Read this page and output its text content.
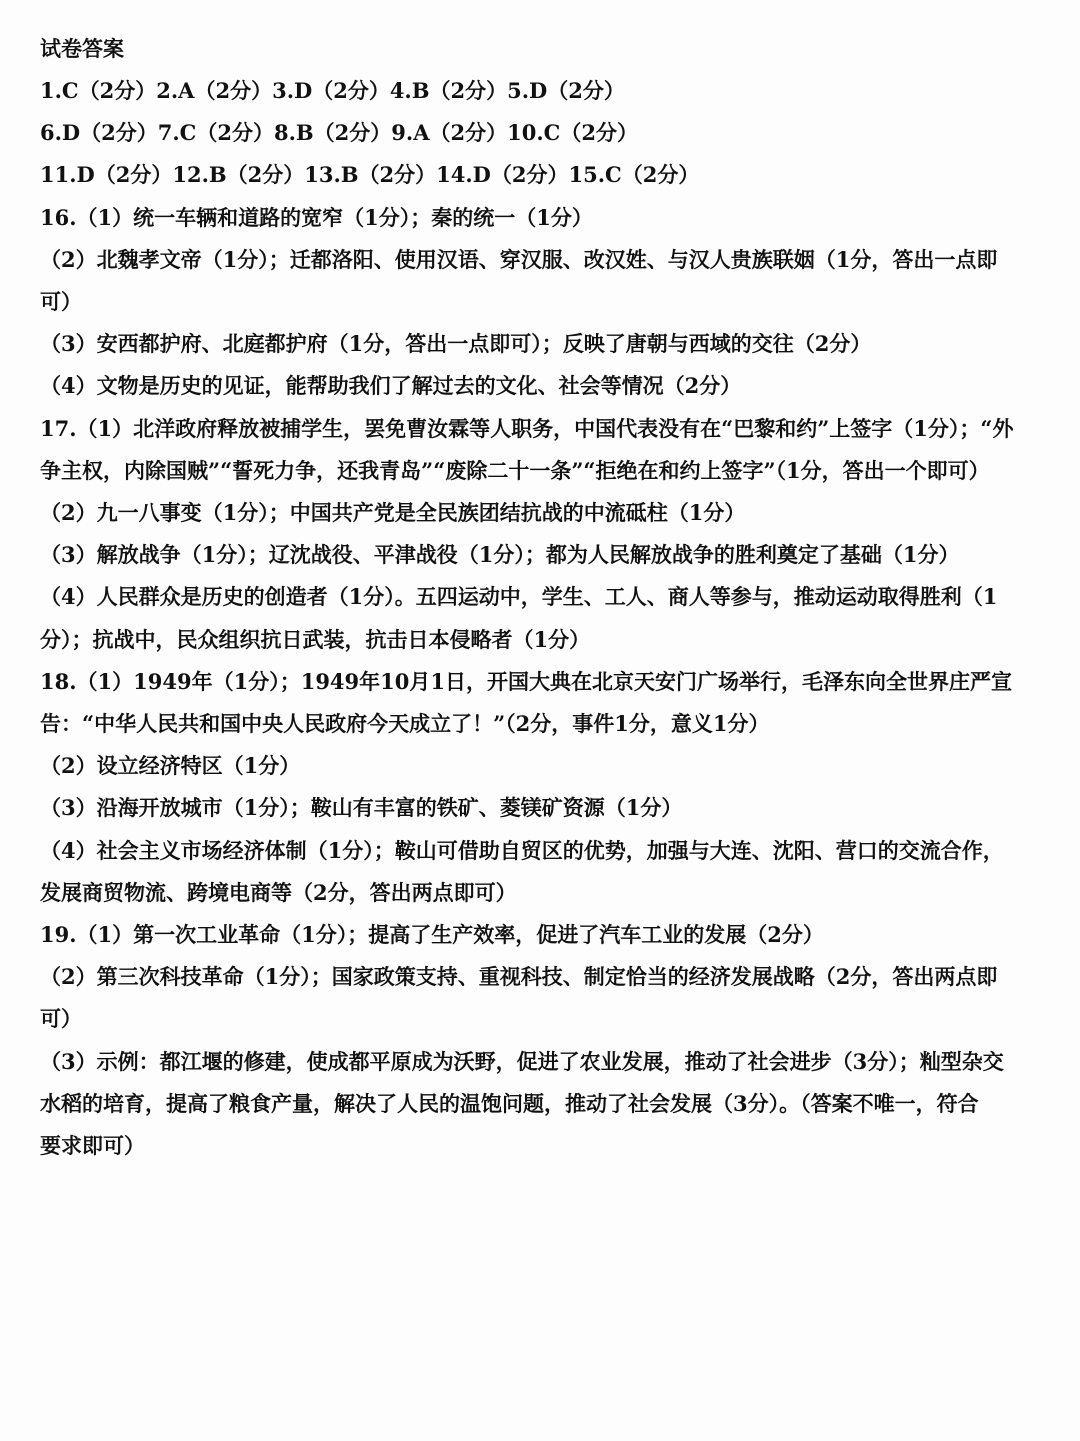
试卷答案
1.C（2分）2.A（2分）3.D（2分）4.B（2分）5.D（2分）
6.D（2分）7.C（2分）8.B（2分）9.A（2分）10.C（2分）
11.D（2分）12.B（2分）13.B（2分）14.D（2分）15.C（2分）
16.（1）统一车辆和道路的宽窄（1分）；秦的统一（1分）
（2）北魏孝文帝（1分）；迁都洛阳、使用汉语、穿汉服、改汉姓、与汉人贵族联姻（1分，答出一点即
可）
（3）安西都护府、北庭都护府（1分，答出一点即可）；反映了唐朝与西域的交往（2分）
（4）文物是历史的见证，能帮助我们了解过去的文化、社会等情况（2分）
17.（1）北洋政府释放被捕学生，罢免曹汝霖等人职务，中国代表没有在“巴黎和约”上签字（1分）；“外
争主权，内除国贼”“誓死力争，还我青岛”“废除二十一条”“拒绝在和约上签字”（1分，答出一个即可）
（2）九一八事变（1分）；中国共产党是全民族团结抗战的中流砥柱（1分）
（3）解放战争（1分）；辽沈战役、平津战役（1分）；都为人民解放战争的胜利奠定了基础（1分）
（4）人民群众是历史的创造者（1分）。五四运动中，学生、工人、商人等参与，推动运动取得胜利（1
分）；抗战中，民众组织抗日武装，抗击日本侵略者（1分）
18.（1）1949年（1分）；1949年10月1日，开国大典在北京天安门广场举行，毛泽东向全世界庄严宣
告：“中华人民共和国中央人民政府今天成立了！”（2分，事件1分，意义1分）
（2）设立经济特区（1分）
（3）沿海开放城市（1分）；鞍山有丰富的铁矿、菱镁矿资源（1分）
（4）社会主义市场经济体制（1分）；鞍山可借助自贸区的优势，加强与大连、沈阳、营口的交流合作，
发展商贸物流、跨境电商等（2分，答出两点即可）
19.（1）第一次工业革命（1分）；提高了生产效率，促进了汽车工业的发展（2分）
（2）第三次科技革命（1分）；国家政策支持、重视科技、制定恰当的经济发展战略（2分，答出两点即
可）
（3）示例：都江堰的修建，使成都平原成为沃野，促进了农业发展，推动了社会进步（3分）；籼型杂交
水稻的培育，提高了粮食产量，解决了人民的温饱问题，推动了社会发展（3分）。（答案不唯一，符合
要求即可）
